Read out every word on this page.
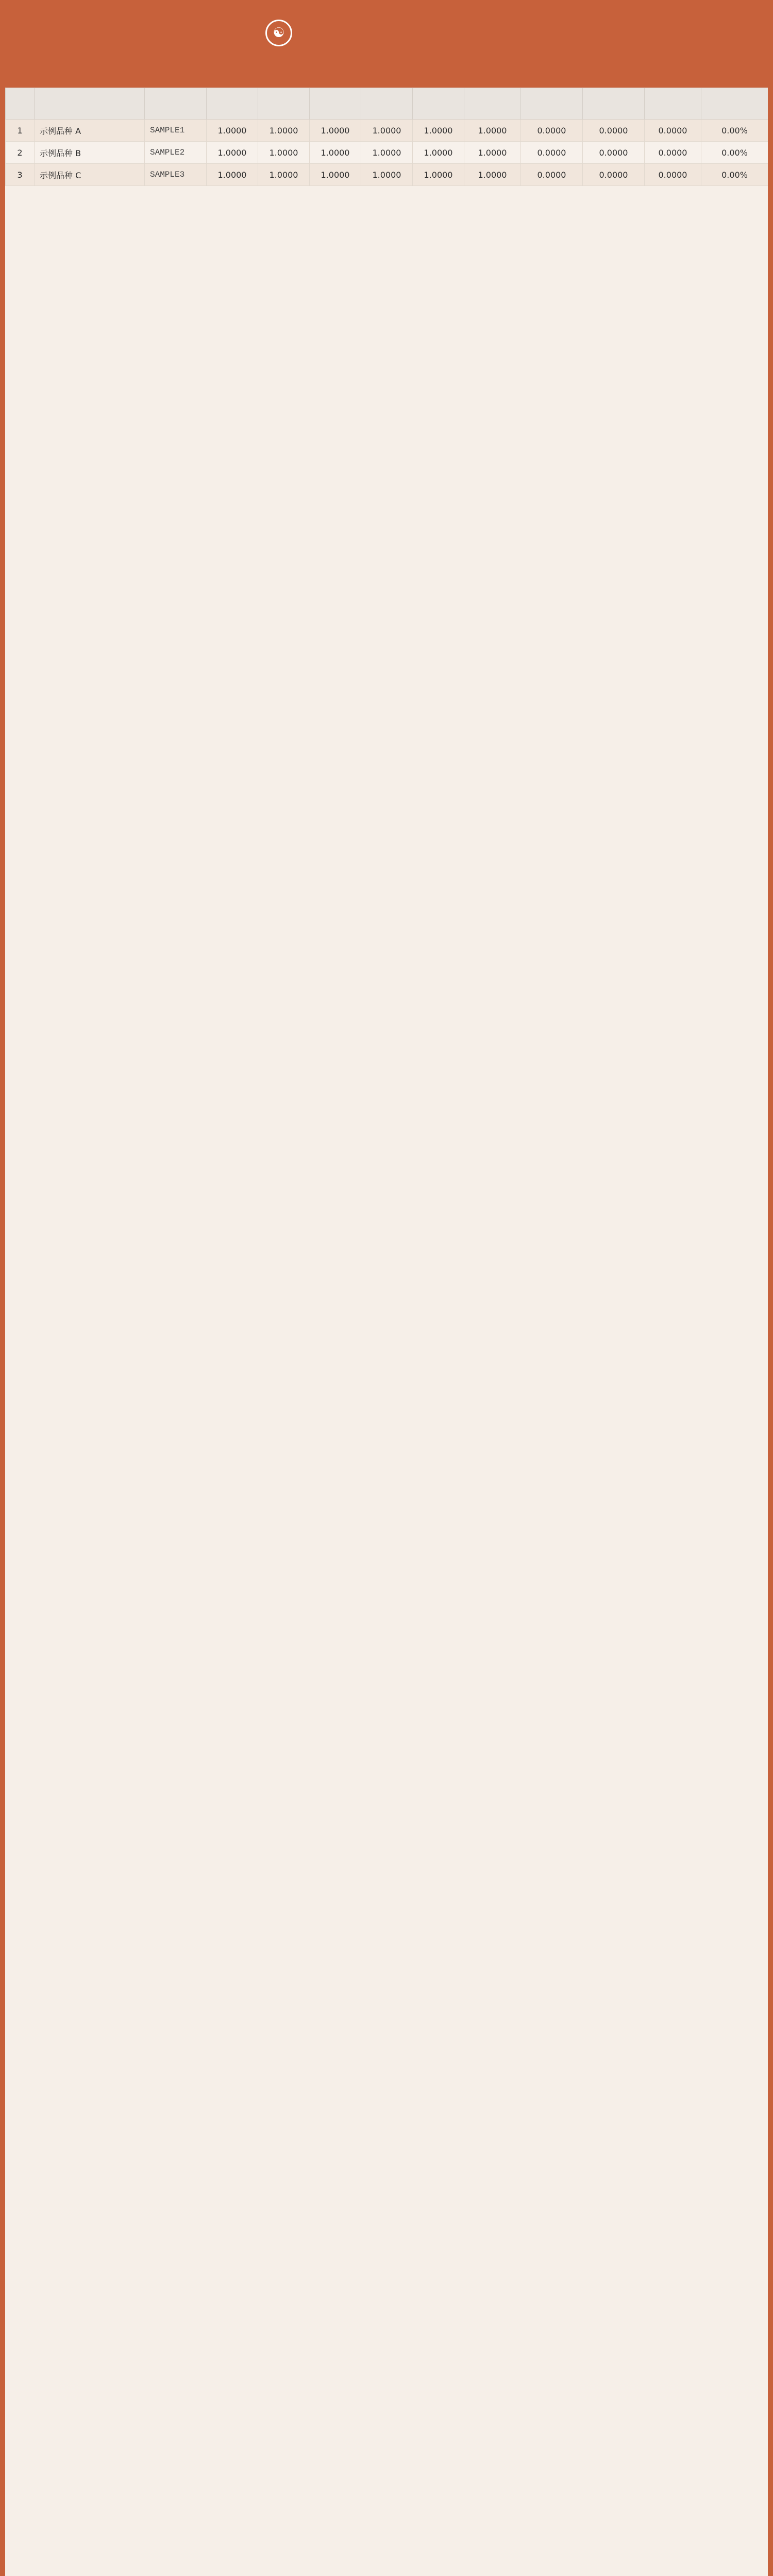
☯

1	示例品种 A	SAMPLE1	1.0000	1.0000	1.0000	1.0000	1.0000	1.0000	0.0000	0.0000	0.0000	0.00%
2	示例品种 B	SAMPLE2	1.0000	1.0000	1.0000	1.0000	1.0000	1.0000	0.0000	0.0000	0.0000	0.00%
3	示例品种 C	SAMPLE3	1.0000	1.0000	1.0000	1.0000	1.0000	1.0000	0.0000	0.0000	0.0000	0.00%
